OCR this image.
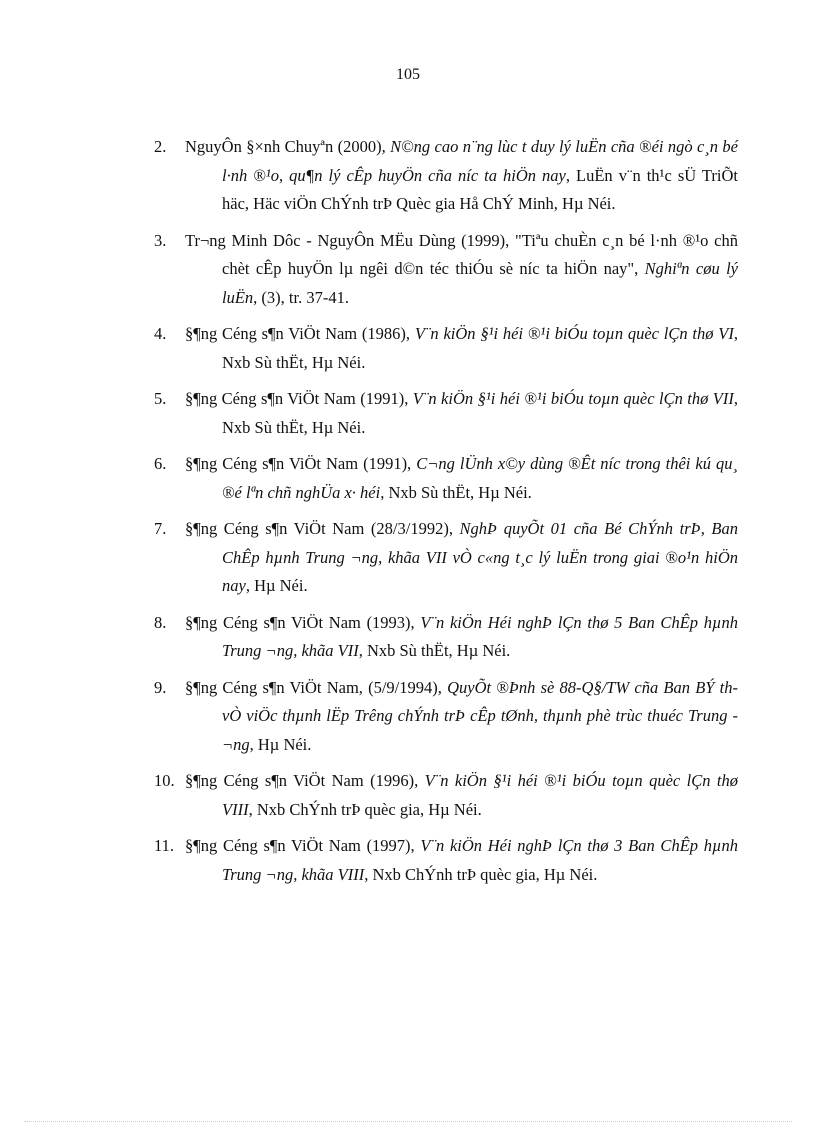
105
2.	NguyÔn §×nh Chuyªn (2000), N©ng cao n¨ng lùc t duy lý luËn cña ®éi ngò c¸n bé l·nh ®¹o, qu¶n lý cÊp huyÖn cña níc ta hiÖn nay, LuËn v¨n th¹c sÜ TriÕt häc, Häc viÖn ChÝnh trÞ Quèc gia Hå ChÝ Minh, Hµ Néi.
3.	Tr¬ng Minh Dôc - NguyÔn MËu Dùng (1999), "Tiªu chuÈn c¸n bé l·nh ®¹o chñ chèt cÊp huyÖn lµ ngêi d©n téc thiÓu sè níc ta hiÖn nay", Nghiªn cøu lý luËn, (3), tr. 37-41.
4.	§¶ng Céng s¶n ViÖt Nam (1986), V¨n kiÖn §¹i héi ®¹i biÓu toµn quèc lÇn thø VI, Nxb Sù thËt, Hµ Néi.
5.	§¶ng Céng s¶n ViÖt Nam (1991), V¨n kiÖn §¹i héi ®¹i biÓu toµn quèc lÇn thø VII, Nxb Sù thËt, Hµ Néi.
6.	§¶ng Céng s¶n ViÖt Nam (1991), C¬ng lÜnh x©y dùng ®Êt níc trong thêi kú qu¸ ®é lªn chñ nghÜa x· héi, Nxb Sù thËt, Hµ Néi.
7.	§¶ng Céng s¶n ViÖt Nam (28/3/1992), NghÞ quyÕt 01 cña Bé ChÝnh trÞ, Ban ChÊp hµnh Trung ¬ng, khãa VII vÒ c«ng t¸c lý luËn trong giai ®o¹n hiÖn nay, Hµ Néi.
8.	§¶ng Céng s¶n ViÖt Nam (1993), V¨n kiÖn Héi nghÞ lÇn thø 5 Ban ChÊp hµnh Trung ¬ng, khãa VII, Nxb Sù thËt, Hµ Néi.
9.	§¶ng Céng s¶n ViÖt Nam, (5/9/1994), QuyÕt ®Þnh sè 88-Q§/TW cña Ban BÝ th vÒ viÖc thµnh lËp Trêng chÝnh trÞ cÊp tØnh, thµnh phè trùc thuéc Trung ¬ng, Hµ Néi.
10. §¶ng Céng s¶n ViÖt Nam (1996), V¨n kiÖn §¹i héi ®¹i biÓu toµn quèc lÇn thø VIII, Nxb ChÝnh trÞ quèc gia, Hµ Néi.
11. §¶ng Céng s¶n ViÖt Nam (1997), V¨n kiÖn Héi nghÞ lÇn thø 3 Ban ChÊp hµnh Trung ¬ng, khãa VIII, Nxb ChÝnh trÞ quèc gia, Hµ Néi.
